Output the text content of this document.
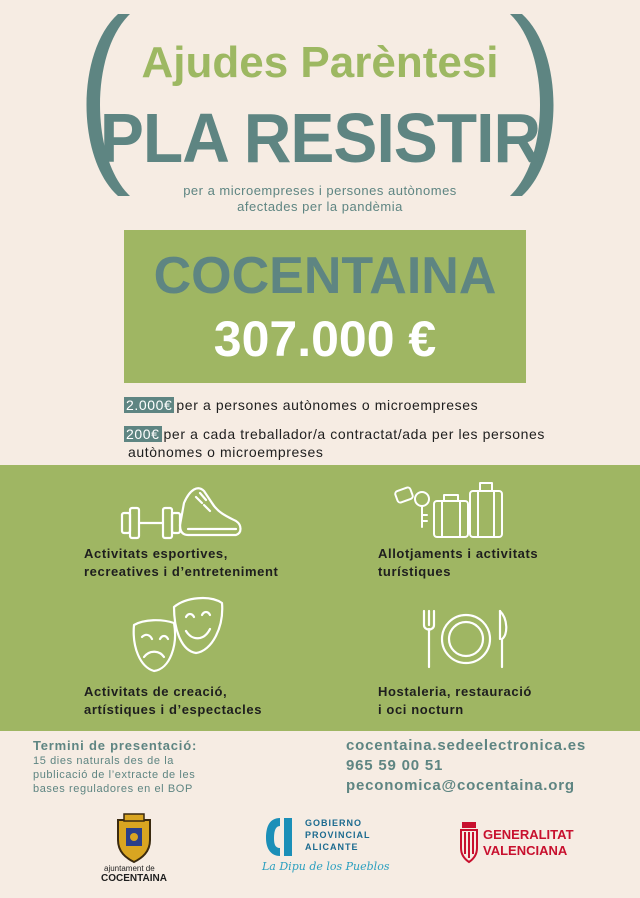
Ajudes Parèntesi
PLA RESISTIR
per a microempreses i persones autònomes
afectades per la pandèmia
COCENTAINA
307.000 €
2.000€ per a persones autònomes o microempreses
200€ per a cada treballador/a contractat/ada per les persones
autònomes o microempreses
Activitats esportives,
recreatives i d’entreteniment
Allotjaments i activitats
turístiques
Activitats de creació,
artístiques i d’espectacles
Hostaleria, restauració
i oci nocturn
Termini de presentació:
15 dies naturals des de la
publicació de l’extracte de les
bases reguladores en el BOP
cocentaina.sedeelectronica.es
965 59 00 51
peconomica@cocentaina.org
ajuntament de
COCENTAINA
GOBIERNO
PROVINCIAL
ALICANTE
La Dipu de los Pueblos
GENERALITAT
VALENCIANA
